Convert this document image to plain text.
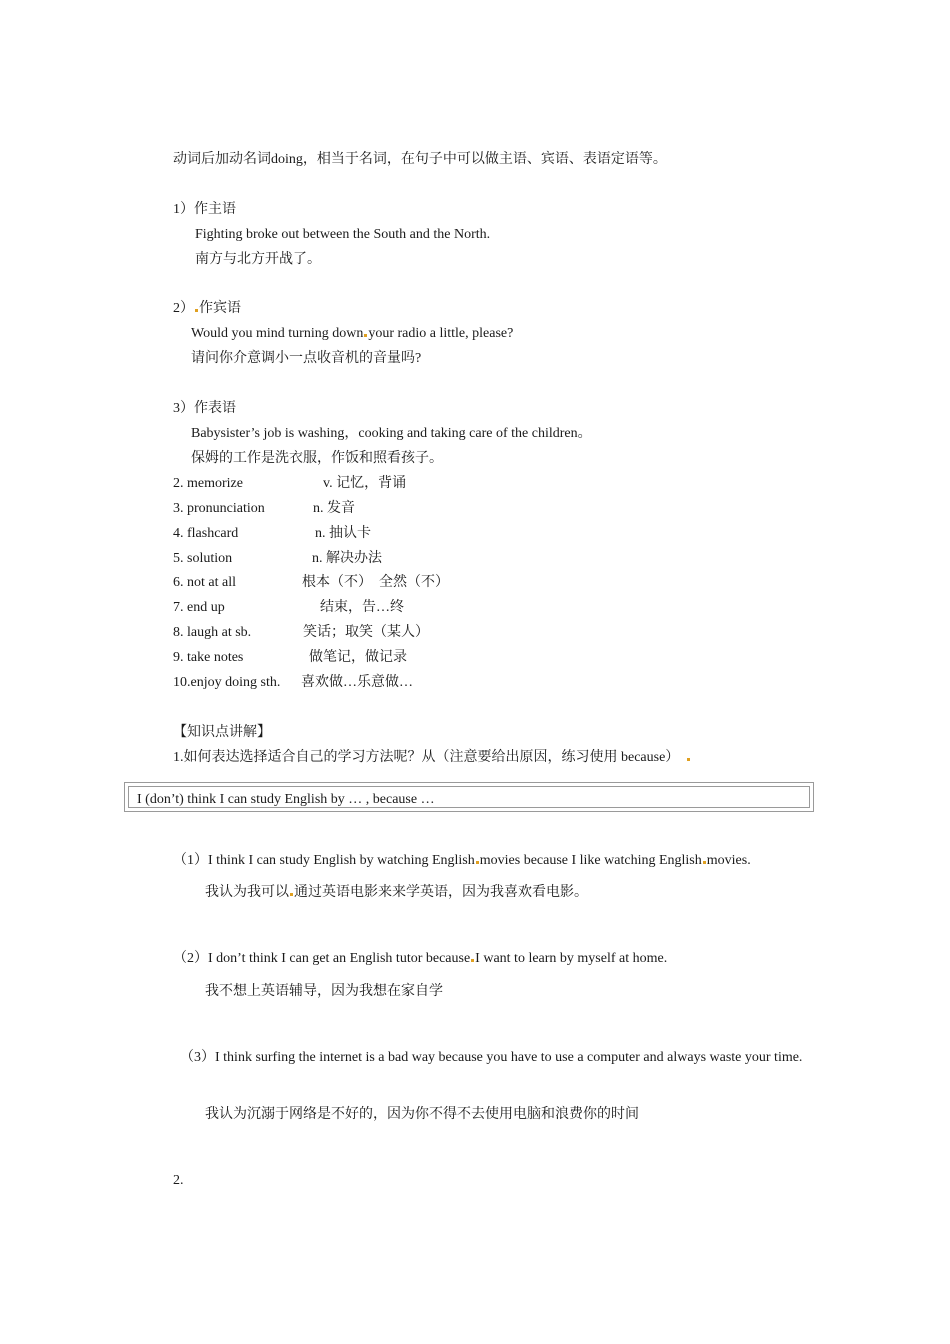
动词后加动名词doing，相当于名词，在句子中可以做主语、宾语、表语定语等。
1）作主语
Fighting broke out between the South and the North.
南方与北方开战了。
2） 作宾语
Would you mind turning down your radio a little, please?
请问你介意调小一点收音机的音量吗?
3）作表语
Babysister’s job is washing，cooking and taking care of the children。
保姆的工作是洗衣服，作饭和照看孩子。
2. memorize	v. 记忆，背诵
3. pronunciation	n. 发音
4. flashcard	n. 抽认卡
5. solution	n. 解决办法
6. not at all	根本（不）　全然（不）
7. end up	结束，告…终
8. laugh at sb.	笑话；取笑（某人）
9. take notes	做笔记，做记录
10.enjoy doing sth. 喜欢做…乐意做…
【知识点讲解】
1.如何表达选择适合自己的学习方法呢？从（注意要给出原因，练习使用 because）
I (don’t) think I can study English by … , because …
（1）I think I can study English by watching English movies because I like watching English movies.
我认为我可以 通过英语电影来来学英语，因为我喜欢看电影。
（2）I don’t think I can get an English tutor because I want to learn by myself at home.
我不想上英语辅导，因为我想在家自学
（3）I think surfing the internet is a bad way because you have to use a computer and always waste your time.
我认为沉溺于网络是不好的，因为你不得不去使用电脑和浪费你的时间
2.
